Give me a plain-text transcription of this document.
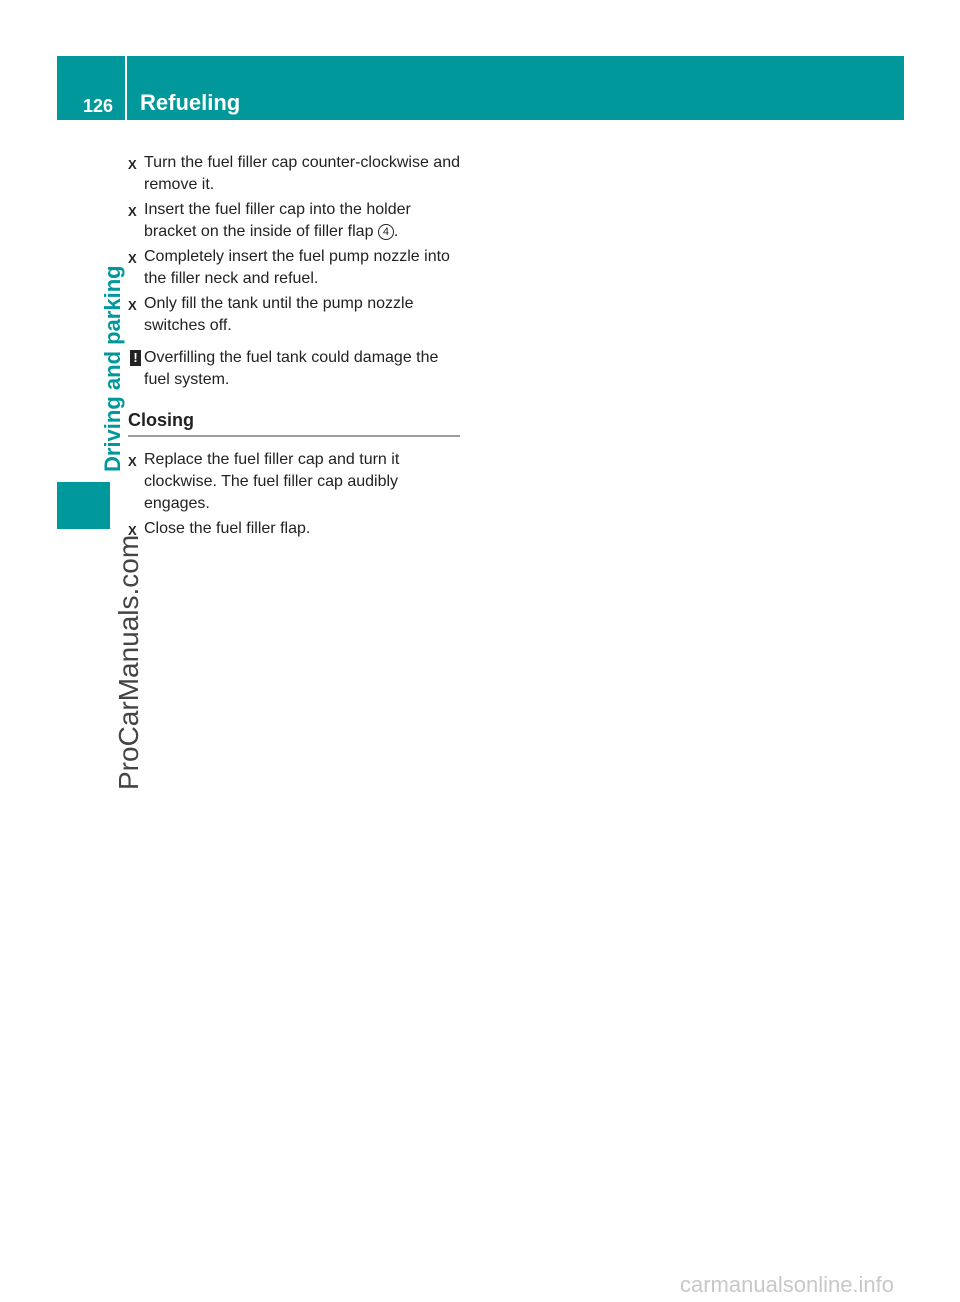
126 Refueling
Driving and parking
ProCarManuals.com
X Turn the fuel filler cap counter-clockwise and remove it.
X Insert the fuel filler cap into the holder bracket on the inside of filler flap 4 .
X Completely insert the fuel pump nozzle into the filler neck and refuel.
X Only fill the tank until the pump nozzle switches off.
! Overfilling the fuel tank could damage the fuel system.
Closing
X Replace the fuel filler cap and turn it clockwise. The fuel filler cap audibly engages.
X Close the fuel filler flap.
carmanualsonline.info
